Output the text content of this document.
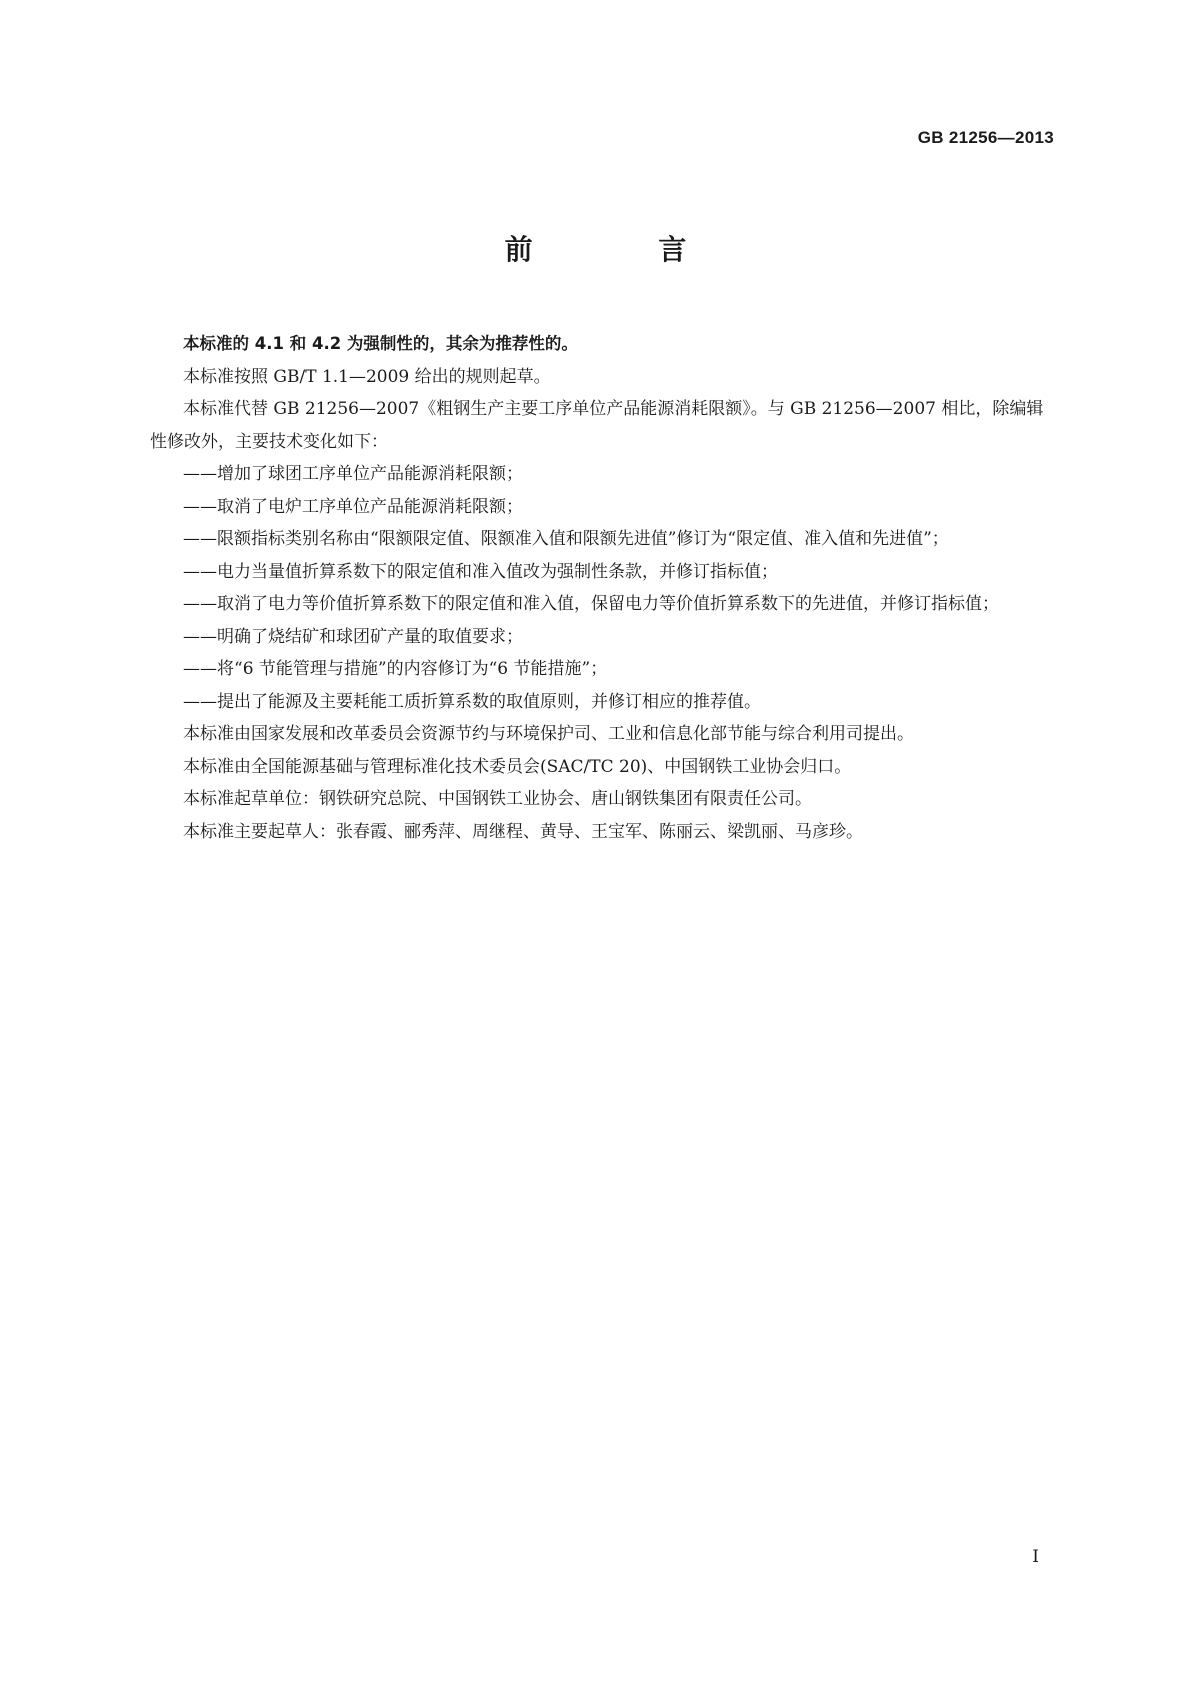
GB 21256—2013
前 言

本标准的 4.1 和 4.2 为强制性的，其余为推荐性的。

本标准按照 GB/T 1.1—2009 给出的规则起草。

本标准代替 GB 21256—2007《粗钢生产主要工序单位产品能源消耗限额》。与 GB 21256—2007 相比，除编辑性修改外，主要技术变化如下：

——增加了球团工序单位产品能源消耗限额；

——取消了电炉工序单位产品能源消耗限额；

——限额指标类别名称由“限额限定值、限额准入值和限额先进值”修订为“限定值、准入值和先进值”；

——电力当量值折算系数下的限定值和准入值改为强制性条款，并修订指标值；

——取消了电力等价值折算系数下的限定值和准入值，保留电力等价值折算系数下的先进值，并修订指标值；

——明确了烧结矿和球团矿产量的取值要求；

——将“6 节能管理与措施”的内容修订为“6 节能措施”；

——提出了能源及主要耗能工质折算系数的取值原则，并修订相应的推荐值。

本标准由国家发展和改革委员会资源节约与环境保护司、工业和信息化部节能与综合利用司提出。

本标准由全国能源基础与管理标准化技术委员会(SAC/TC 20)、中国钢铁工业协会归口。

本标准起草单位：钢铁研究总院、中国钢铁工业协会、唐山钢铁集团有限责任公司。

本标准主要起草人：张春霞、郦秀萍、周继程、黄导、王宝军、陈丽云、梁凯丽、马彦珍。

I
